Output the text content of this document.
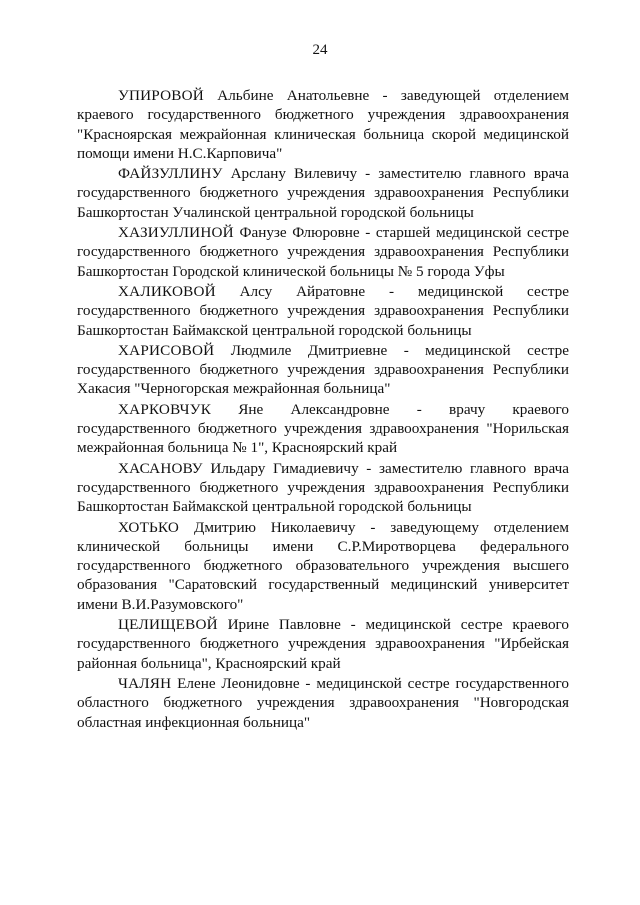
24

УПИРОВОЙ Альбине Анатольевне - заведующей отделением краевого государственного бюджетного учреждения здравоохранения "Красноярская межрайонная клиническая больница скорой медицинской помощи имени Н.С.Карповича"

ФАЙЗУЛЛИНУ Арслану Вилевичу - заместителю главного врача государственного бюджетного учреждения здравоохранения Республики Башкортостан Учалинской центральной городской больницы

ХАЗИУЛЛИНОЙ Фанузе Флюровне - старшей медицинской сестре государственного бюджетного учреждения здравоохранения Республики Башкортостан Городской клинической больницы № 5 города Уфы

ХАЛИКОВОЙ Алсу Айратовне - медицинской сестре государственного бюджетного учреждения здравоохранения Республики Башкортостан Баймакской центральной городской больницы

ХАРИСОВОЙ Людмиле Дмитриевне - медицинской сестре государственного бюджетного учреждения здравоохранения Республики Хакасия "Черногорская межрайонная больница"

ХАРКОВЧУК Яне Александровне - врачу краевого государственного бюджетного учреждения здравоохранения "Норильская межрайонная больница № 1", Красноярский край

ХАСАНОВУ Ильдару Гимадиевичу - заместителю главного врача государственного бюджетного учреждения здравоохранения Республики Башкортостан Баймакской центральной городской больницы

ХОТЬКО Дмитрию Николаевичу - заведующему отделением клинической больницы имени С.Р.Миротворцева федерального государственного бюджетного образовательного учреждения высшего образования "Саратовский государственный медицинский университет имени В.И.Разумовского"

ЦЕЛИЩЕВОЙ Ирине Павловне - медицинской сестре краевого государственного бюджетного учреждения здравоохранения "Ирбейская районная больница", Красноярский край

ЧАЛЯН Елене Леонидовне - медицинской сестре государственного областного бюджетного учреждения здравоохранения "Новгородская областная инфекционная больница"
